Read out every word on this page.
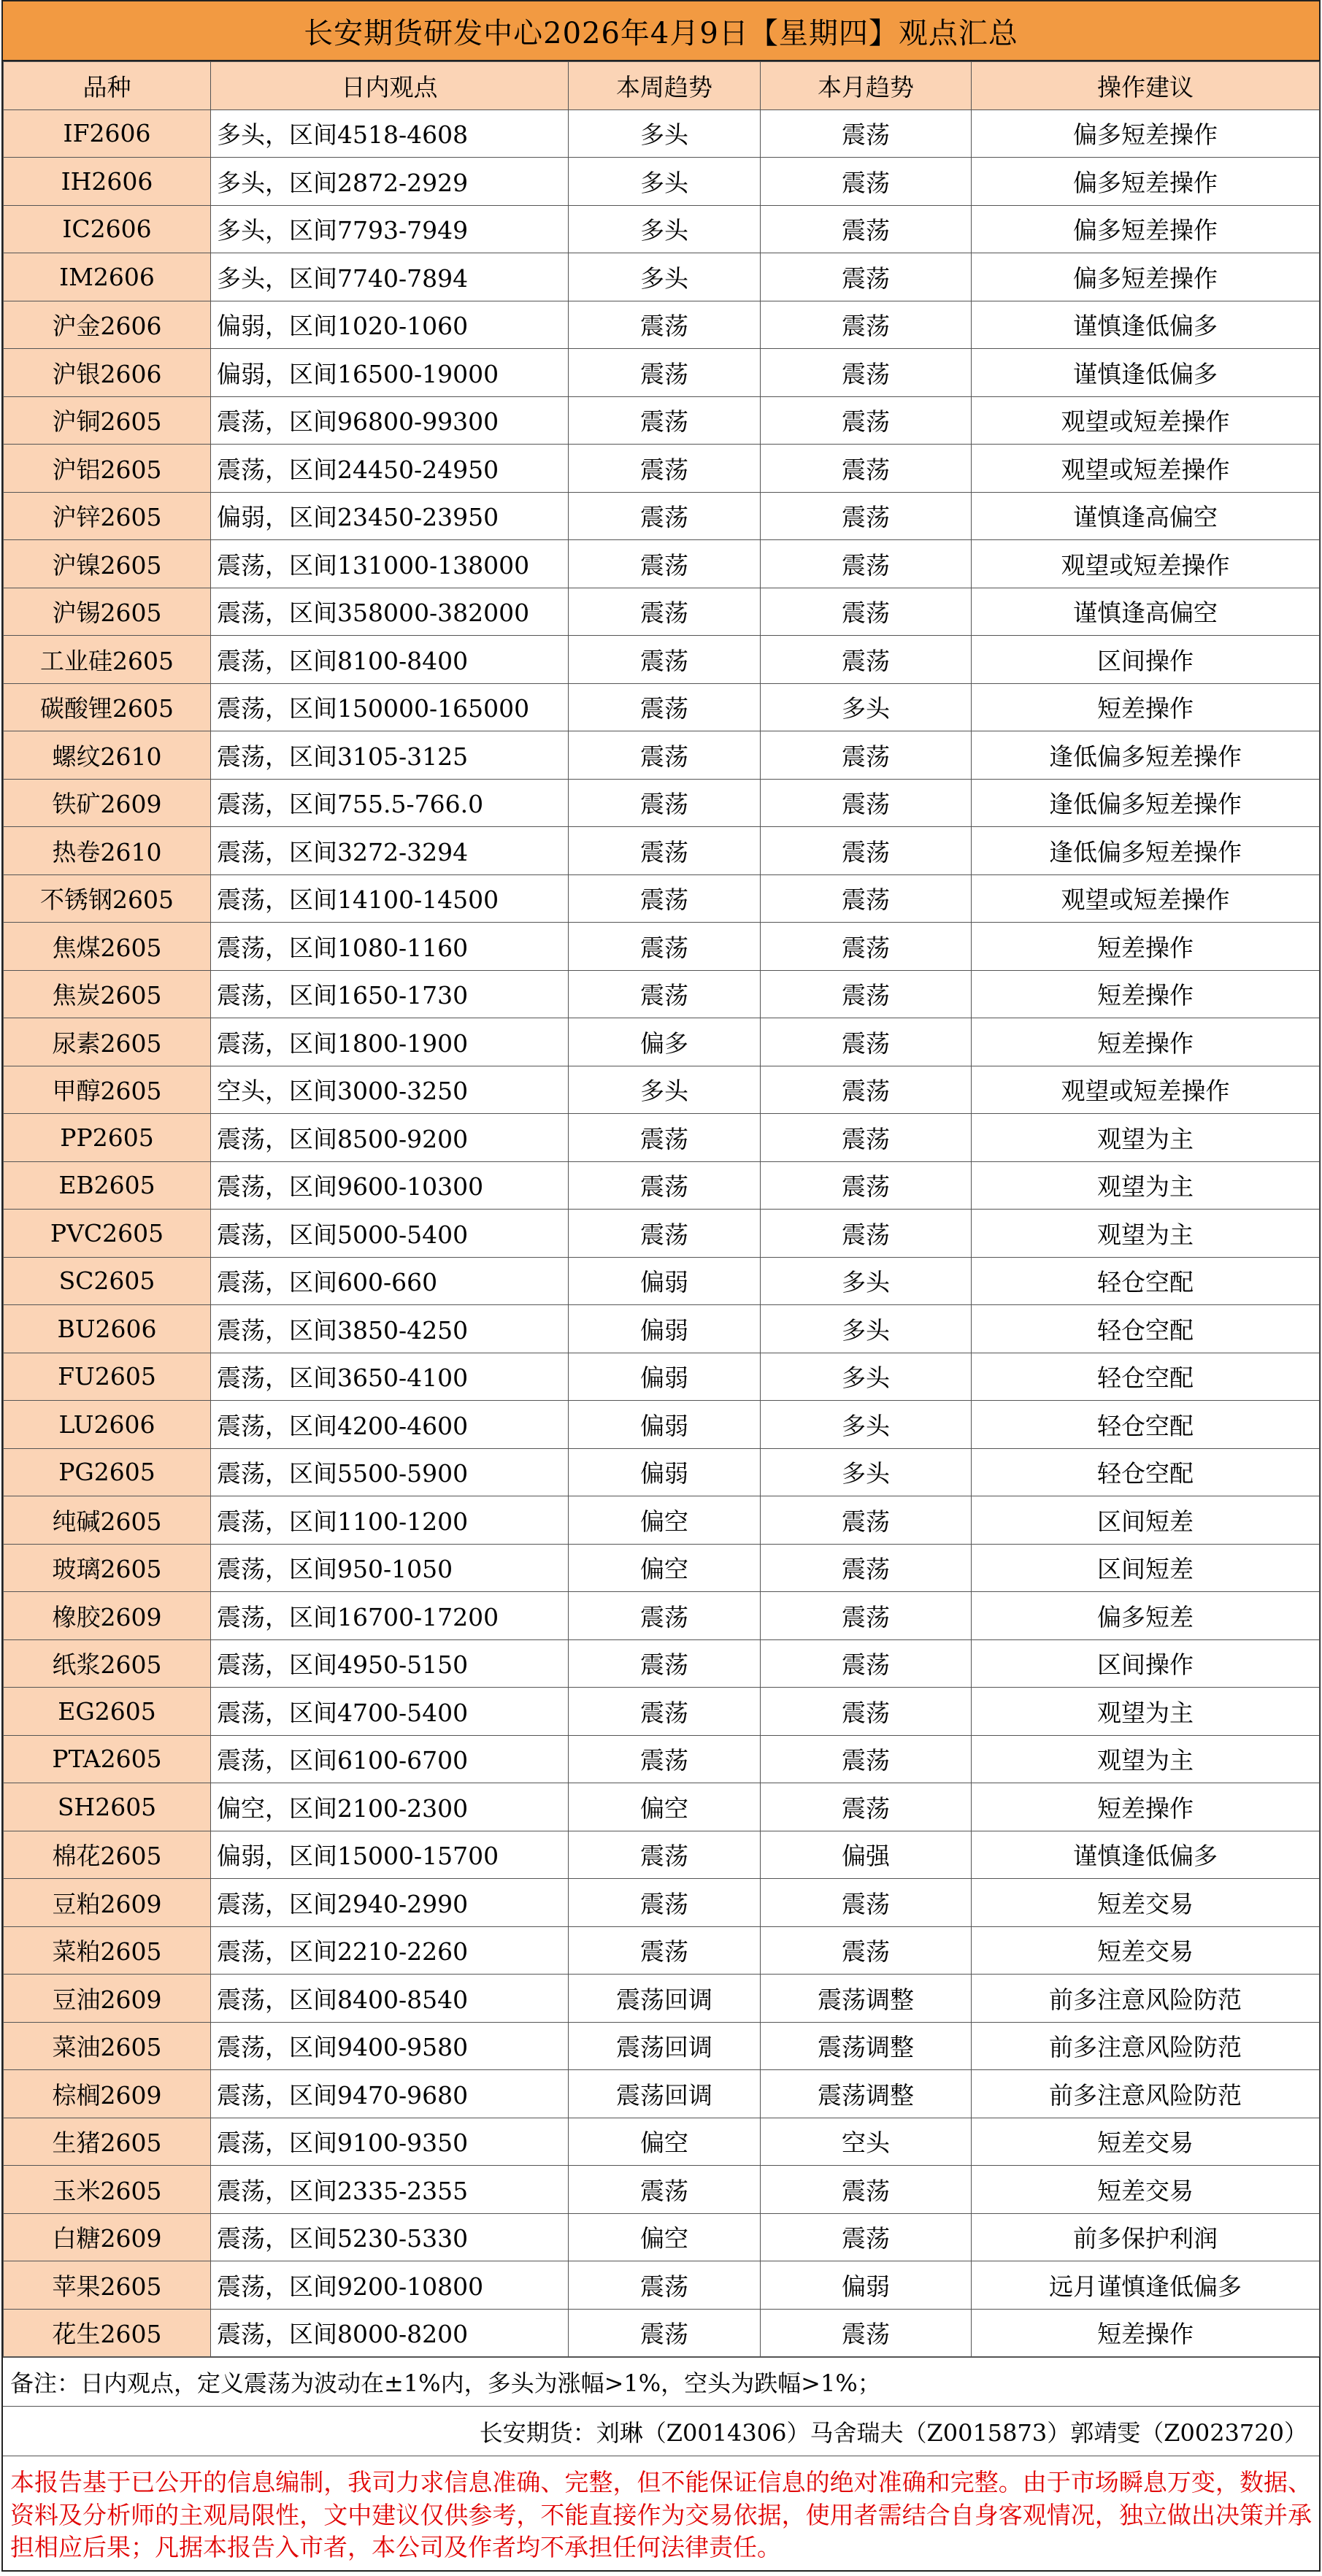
长安期货研发中心2026年4月9日【星期四】观点汇总
品种	日内观点	本周趋势	本月趋势	操作建议
IF2606	多头，区间4518-4608	多头	震荡	偏多短差操作
IH2606	多头，区间2872-2929	多头	震荡	偏多短差操作
IC2606	多头，区间7793-7949	多头	震荡	偏多短差操作
IM2606	多头，区间7740-7894	多头	震荡	偏多短差操作
沪金2606	偏弱，区间1020-1060	震荡	震荡	谨慎逢低偏多
沪银2606	偏弱，区间16500-19000	震荡	震荡	谨慎逢低偏多
沪铜2605	震荡，区间96800-99300	震荡	震荡	观望或短差操作
沪铝2605	震荡，区间24450-24950	震荡	震荡	观望或短差操作
沪锌2605	偏弱，区间23450-23950	震荡	震荡	谨慎逢高偏空
沪镍2605	震荡，区间131000-138000	震荡	震荡	观望或短差操作
沪锡2605	震荡，区间358000-382000	震荡	震荡	谨慎逢高偏空
工业硅2605	震荡，区间8100-8400	震荡	震荡	区间操作
碳酸锂2605	震荡，区间150000-165000	震荡	多头	短差操作
螺纹2610	震荡，区间3105-3125	震荡	震荡	逢低偏多短差操作
铁矿2609	震荡，区间755.5-766.0	震荡	震荡	逢低偏多短差操作
热卷2610	震荡，区间3272-3294	震荡	震荡	逢低偏多短差操作
不锈钢2605	震荡，区间14100-14500	震荡	震荡	观望或短差操作
焦煤2605	震荡，区间1080-1160	震荡	震荡	短差操作
焦炭2605	震荡，区间1650-1730	震荡	震荡	短差操作
尿素2605	震荡，区间1800-1900	偏多	震荡	短差操作
甲醇2605	空头，区间3000-3250	多头	震荡	观望或短差操作
PP2605	震荡，区间8500-9200	震荡	震荡	观望为主
EB2605	震荡，区间9600-10300	震荡	震荡	观望为主
PVC2605	震荡，区间5000-5400	震荡	震荡	观望为主
SC2605	震荡，区间600-660	偏弱	多头	轻仓空配
BU2606	震荡，区间3850-4250	偏弱	多头	轻仓空配
FU2605	震荡，区间3650-4100	偏弱	多头	轻仓空配
LU2606	震荡，区间4200-4600	偏弱	多头	轻仓空配
PG2605	震荡，区间5500-5900	偏弱	多头	轻仓空配
纯碱2605	震荡，区间1100-1200	偏空	震荡	区间短差
玻璃2605	震荡，区间950-1050	偏空	震荡	区间短差
橡胶2609	震荡，区间16700-17200	震荡	震荡	偏多短差
纸浆2605	震荡，区间4950-5150	震荡	震荡	区间操作
EG2605	震荡，区间4700-5400	震荡	震荡	观望为主
PTA2605	震荡，区间6100-6700	震荡	震荡	观望为主
SH2605	偏空，区间2100-2300	偏空	震荡	短差操作
棉花2605	偏弱，区间15000-15700	震荡	偏强	谨慎逢低偏多
豆粕2609	震荡，区间2940-2990	震荡	震荡	短差交易
菜粕2605	震荡，区间2210-2260	震荡	震荡	短差交易
豆油2609	震荡，区间8400-8540	震荡回调	震荡调整	前多注意风险防范
菜油2605	震荡，区间9400-9580	震荡回调	震荡调整	前多注意风险防范
棕榈2609	震荡，区间9470-9680	震荡回调	震荡调整	前多注意风险防范
生猪2605	震荡，区间9100-9350	偏空	空头	短差交易
玉米2605	震荡，区间2335-2355	震荡	震荡	短差交易
白糖2609	震荡，区间5230-5330	偏空	震荡	前多保护利润
苹果2605	震荡，区间9200-10800	震荡	偏弱	远月谨慎逢低偏多
花生2605	震荡，区间8000-8200	震荡	震荡	短差操作
备注：日内观点，定义震荡为波动在±1%内，多头为涨幅>1%，空头为跌幅>1%；
长安期货：刘琳（Z0014306）马舍瑞夫（Z0015873）郭靖雯（Z0023720）
本报告基于已公开的信息编制，我司力求信息准确、完整，但不能保证信息的绝对准确和完整。由于市场瞬息万变，数据、资料及分析师的主观局限性，文中建议仅供参考，不能直接作为交易依据，使用者需结合自身客观情况，独立做出决策并承担相应后果；凡据本报告入市者，本公司及作者均不承担任何法律责任。
